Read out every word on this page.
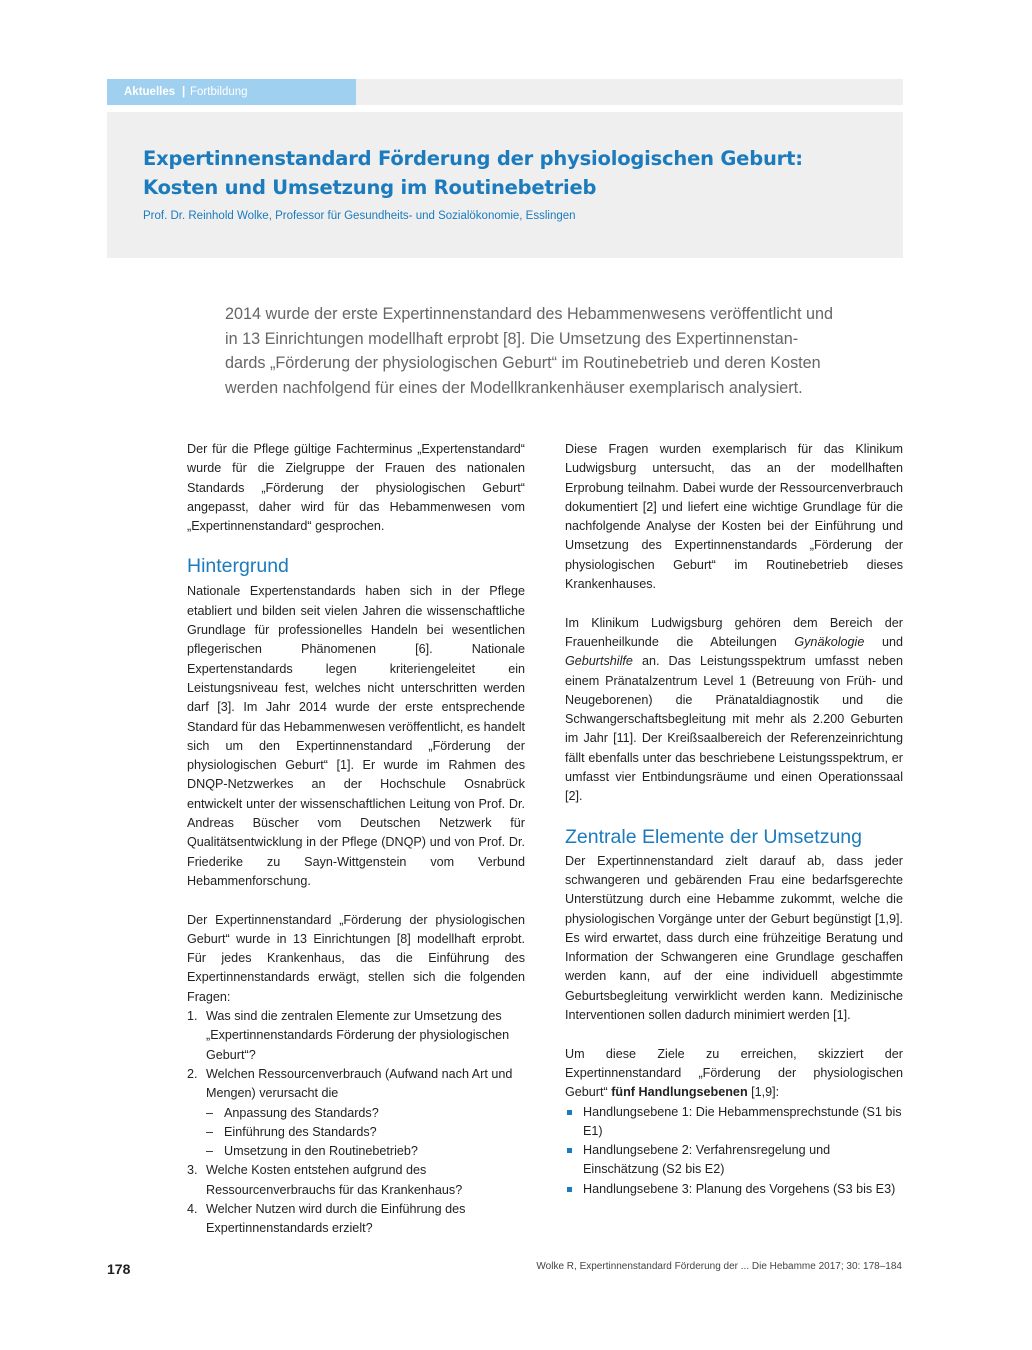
Aktuelles | Fortbildung
Expertinnenstandard Förderung der physiologischen Geburt:
Kosten und Umsetzung im Routinebetrieb
Prof. Dr. Reinhold Wolke, Professor für Gesundheits- und Sozialökonomie, Esslingen
2014 wurde der erste Expertinnenstandard des Hebammenwesens veröffentlicht und
in 13 Einrichtungen modellhaft erprobt [8]. Die Umsetzung des Expertinnenstan-
dards „Förderung der physiologischen Geburt“ im Routinebetrieb und deren Kosten
werden nachfolgend für eines der Modellkrankenhäuser exemplarisch analysiert.

Der für die Pflege gültige Fachterminus „Expertenstandard“ wurde für die Zielgruppe der Frauen des nationalen Standards „Förderung der physiologischen Geburt“ angepasst, daher wird für das Hebammenwesen vom „Expertinnenstandard“ gesprochen.

Hintergrund

Nationale Expertenstandards haben sich in der Pflege etabliert und bilden seit vielen Jahren die wissenschaftliche Grundlage für professionelles Handeln bei wesentlichen pflegerischen Phänomenen [6]. Nationale Expertenstandards legen kriteriengeleitet ein Leistungsniveau fest, welches nicht unterschritten werden darf [3]. Im Jahr 2014 wurde der erste entsprechende Standard für das Hebammenwesen veröffentlicht, es handelt sich um den Expertinnenstandard „Förderung der physiologischen Geburt“ [1]. Er wurde im Rahmen des DNQP-Netzwerkes an der Hochschule Osnabrück entwickelt unter der wissenschaftlichen Leitung von Prof. Dr. Andreas Büscher vom Deutschen Netzwerk für Qualitätsentwicklung in der Pflege (DNQP) und von Prof. Dr. Friederike zu Sayn-Wittgenstein vom Verbund Hebammenforschung.

Der Expertinnenstandard „Förderung der physiologischen Geburt“ wurde in 13 Einrichtungen [8] modellhaft erprobt. Für jedes Krankenhaus, das die Einführung des Expertinnenstandards erwägt, stellen sich die folgenden Fragen:

1. Was sind die zentralen Elemente zur Umsetzung des „Expertinnenstandards Förderung der physiologischen Geburt“?
2. Welchen Ressourcenverbrauch (Aufwand nach Art und Mengen) verursacht die
– Anpassung des Standards?
– Einführung des Standards?
– Umsetzung in den Routinebetrieb?
3. Welche Kosten entstehen aufgrund des Ressourcenverbrauchs für das Krankenhaus?
4. Welcher Nutzen wird durch die Einführung des Expertinnenstandards erzielt?

Diese Fragen wurden exemplarisch für das Klinikum Ludwigsburg untersucht, das an der modellhaften Erprobung teilnahm. Dabei wurde der Ressourcenverbrauch dokumentiert [2] und liefert eine wichtige Grundlage für die nachfolgende Analyse der Kosten bei der Einführung und Umsetzung des Expertinnenstandards „Förderung der physiologischen Geburt“ im Routinebetrieb dieses Krankenhauses.

Im Klinikum Ludwigsburg gehören dem Bereich der Frauenheilkunde die Abteilungen Gynäkologie und Geburtshilfe an. Das Leistungsspektrum umfasst neben einem Pränatalzentrum Level 1 (Betreuung von Früh- und Neugeborenen) die Pränataldiagnostik und die Schwangerschaftsbegleitung mit mehr als 2.200 Geburten im Jahr [11]. Der Kreißsaalbereich der Referenzeinrichtung fällt ebenfalls unter das beschriebene Leistungsspektrum, er umfasst vier Entbindungsräume und einen Operationssaal [2].

Zentrale Elemente der Umsetzung

Der Expertinnenstandard zielt darauf ab, dass jeder schwangeren und gebärenden Frau eine bedarfsgerechte Unterstützung durch eine Hebamme zukommt, welche die physiologischen Vorgänge unter der Geburt begünstigt [1,9]. Es wird erwartet, dass durch eine frühzeitige Beratung und Information der Schwangeren eine Grundlage geschaffen werden kann, auf der eine individuell abgestimmte Geburtsbegleitung verwirklicht werden kann. Medizinische Interventionen sollen dadurch minimiert werden [1].

Um diese Ziele zu erreichen, skizziert der Expertinnenstandard „Förderung der physiologischen Geburt“ fünf Handlungsebenen [1,9]:

Handlungsebene 1: Die Hebammensprechstunde (S1 bis E1)
Handlungsebene 2: Verfahrensregelung und Einschätzung (S2 bis E2)
Handlungsebene 3: Planung des Vorgehens (S3 bis E3)
178	Wolke R, Expertinnenstandard Förderung der ... Die Hebamme 2017; 30: 178–184
